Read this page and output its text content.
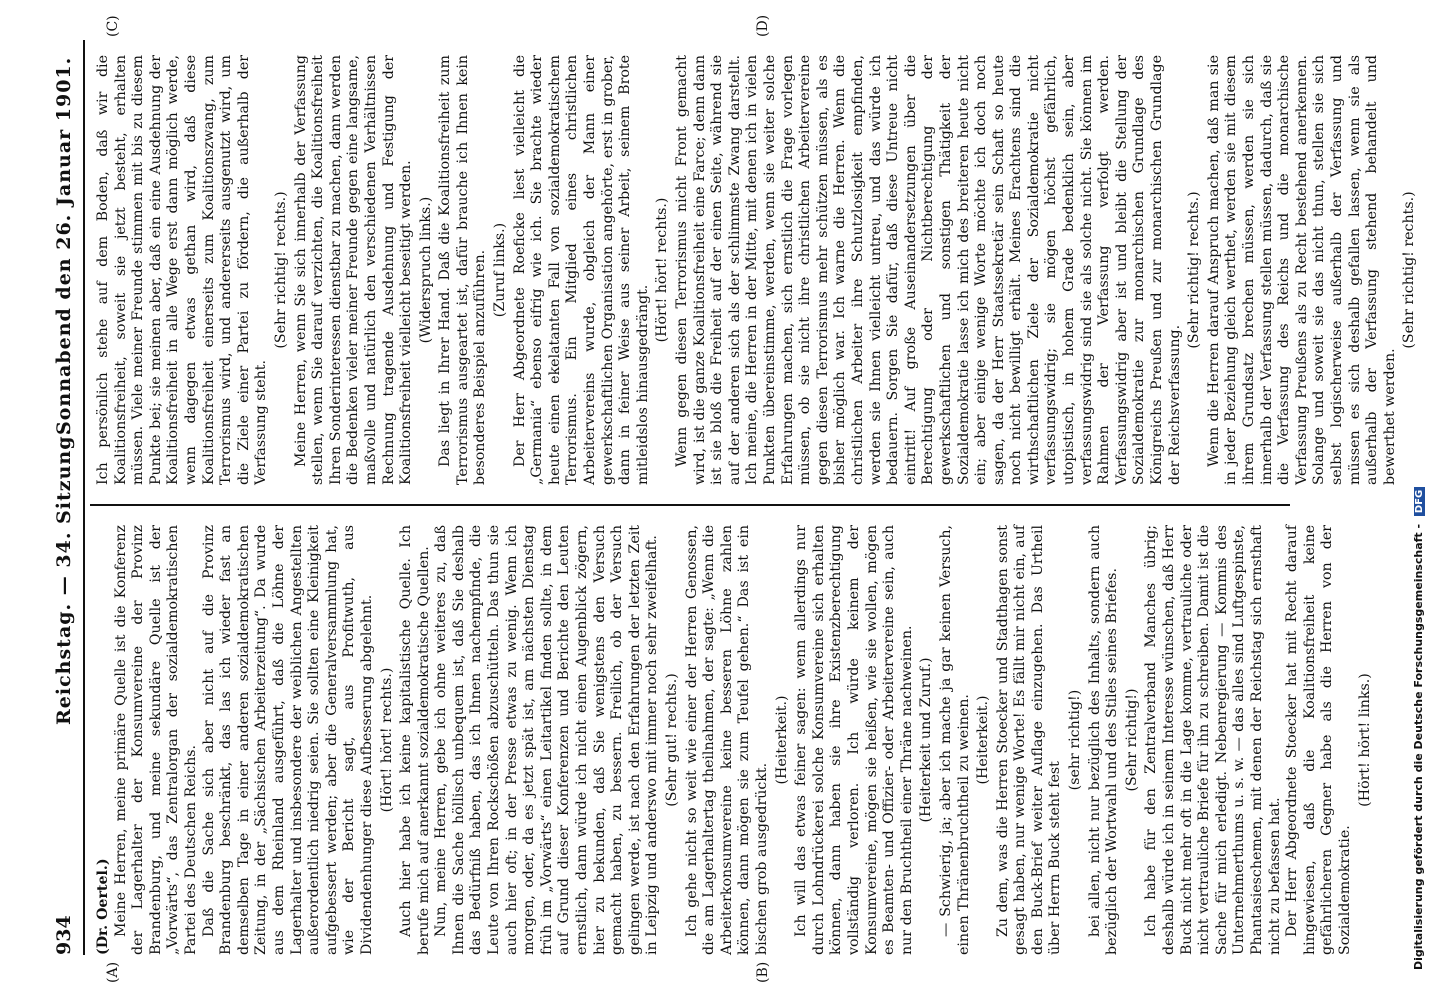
934
Reichstag. — 34. Sitzung.
Sonnabend den 26. Januar 1901.

(Dr. Oertel.) Meine Herren, meine primäre Quelle ist die Konferenz der Lagerhalter der Konsumvereine der Provinz Brandenburg, und meine sekundäre Quelle ist der „Vorwärts“, das Zentralorgan der sozialdemokratischen Partei des Deutschen Reichs. Daß die Sache sich aber nicht auf die Provinz Brandenburg beschränkt, das las ich wieder fast an demselben Tage in einer anderen sozialdemokratischen Zeitung, in der „Sächsischen Arbeiterzeitung“. Da wurde aus dem Rheinland ausgeführt, daß die Löhne der Lagerhalter und insbesondere der weiblichen Angestellten außerordentlich niedrig seien. Sie sollten eine Kleinigkeit aufgebessert werden; aber die Generalversammlung hat, wie der Bericht sagt, aus Profitwuth, aus Dividendenhunger diese Aufbesserung abgelehnt. (Hört! hört! rechts.) Auch hier habe ich keine kapitalistische Quelle. Ich berufe mich auf anerkannt sozialdemokratische Quellen. Nun, meine Herren, gebe ich ohne weiteres zu, daß Ihnen die Sache höllisch unbequem ist, daß Sie deshalb das Bedürfniß haben, das ich Ihnen nachempfinde, die Leute von Ihren Rockschößen abzuschütteln. Das thun sie auch hier oft; in der Presse etwas zu wenig. Wenn ich morgen, oder, da es jetzt spät ist, am nächsten Dienstag früh im „Vorwärts“ einen Leitartikel finden sollte, in dem auf Grund dieser Konferenzen und Berichte den Leuten ernstlich, dann würde ich nicht einen Augenblick zögern, hier zu bekunden, daß Sie wenigstens den Versuch gemacht haben, zu bessern. Freilich, ob der Versuch gelingen werde, ist nach den Erfahrungen der letzten Zeit in Leipzig und anderswo mit immer noch sehr zweifelhaft. (Sehr gut! rechts.) Ich gehe nicht so weit wie einer der Herren Genossen, die am Lagerhaltertag theilnahmen, der sagte: „Wenn die Arbeiterkonsumvereine keine besseren Löhne zahlen können, dann mögen sie zum Teufel gehen.“ Das ist ein bischen grob ausgedrückt.

(Heiterkeit.) Ich will das etwas feiner sagen: wenn allerdings nur durch Lohndrückerei solche Konsumvereine sich erhalten können, dann haben sie ihre Existenzberechtigung vollständig verloren. Ich würde keinem der Konsumvereine, mögen sie heißen, wie sie wollen, mögen es Beamten- und Offizier- oder Arbeitervereine sein, auch nur den Bruchtheil einer Thräne nachweinen. (Heiterkeit und Zuruf.) — Schwierig, ja; aber ich mache ja gar keinen Versuch, einen Thränenbruchtheil zu weinen. (Heiterkeit.) Zu dem, was die Herren Stoecker und Stadthagen sonst gesagt haben, nur wenige Worte! Es fällt mir nicht ein, auf den Buck-Brief weiter Auflage einzugehen. Das Urtheil über Herrn Buck steht fest

(sehr richtig!) bei allen, nicht nur bezüglich des Inhalts, sondern auch bezüglich der Wortwahl und des Stiles seines Briefes. (Sehr richtig!) Ich habe für den Zentralverband Manches übrig; deshalb würde ich in seinem Interesse wünschen, daß Herr Buck nicht mehr oft in die Lage komme, vertrauliche oder nicht vertrauliche Briefe für ihn zu schreiben. Damit ist die Sache für mich erledigt. Nebenregierung — Kommis des Unternehmerthums u. s. w. — das alles sind Luftgespinste, Phantasieschemen, mit denen der Reichstag sich ernsthaft nicht zu befassen hat. Der Herr Abgeordnete Stoecker hat mit Recht darauf hingewiesen, daß die Koalitionsfreiheit keine gefährlicheren Gegner habe als die Herren von der Sozialdemokratie.

(Hört! hört! links.)

Ich persönlich stehe auf dem Boden, daß wir die Koalitionsfreiheit, soweit sie jetzt besteht, erhalten müssen. Viele meiner Freunde stimmen mit bis zu diesem Punkte bei; sie meinen aber, daß ein eine Ausdehnung der Koalitionsfreiheit in alle Wege erst dann möglich werde, wenn dagegen etwas gethan wird, daß diese Koalitionsfreiheit einerseits zum Koalitionszwang, zum Terrorismus wird, und andererseits ausgenutzt wird, um die Ziele einer Partei zu fördern, die außerhalb der Verfassung steht.

(Sehr richtig! rechts.) Meine Herren, wenn Sie sich innerhalb der Verfassung stellen, wenn Sie darauf verzichten, die Koalitionsfreiheit Ihren Sonderinteressen dienstbar zu machen, dann werden die Bedenken vieler meiner Freunde gegen eine langsame, maßvolle und natürlich den verschiedenen Verhältnissen Rechnung tragende Ausdehnung und Festigung der Koalitionsfreiheit vielleicht beseitigt werden. (Widerspruch links.) Das liegt in Ihrer Hand. Daß die Koalitionsfreiheit zum Terrorismus ausgeartet ist, dafür brauche ich Ihnen kein besonderes Beispiel anzuführen. (Zuruf links.) Der Herr Abgeordnete Roeficke liest vielleicht die „Germania“ ebenso eifrig wie ich. Sie brachte wieder heute einen ekelatanten Fall von sozialdemokratischem Terrorismus. Ein Mitglied eines christlichen Arbeitervereins wurde, obgleich der Mann einer gewerkschaftlichen Organisation angehörte, erst in grober, dann in feiner Weise aus seiner Arbeit, seinem Brote mitleidslos hinausgedrängt.

(Hört! hört! rechts.) Wenn gegen diesen Terrorismus nicht Front gemacht wird, ist die ganze Koalitionsfreiheit eine Farce; denn dann ist sie bloß die Freiheit auf der einen Seite, während sie auf der anderen sich als der schlimmste Zwang darstellt. Ich meine, die Herren in der Mitte, mit denen ich in vielen Punkten übereinstimme, werden, wenn sie weiter solche Erfahrungen machen, sich ernstlich die Frage vorlegen müssen, ob sie nicht ihre christlichen Arbeitervereine gegen diesen Terrorismus mehr schützen müssen, als es bisher möglich war. Ich warne die Herren. Wenn die christlichen Arbeiter ihre Schutzlosigkeit empfinden, werden sie Ihnen vielleicht untreu, und das würde ich bedauern. Sorgen Sie dafür, daß diese Untreue nicht eintritt! Auf große Auseinandersetzungen über die Berechtigung oder Nichtberechtigung der gewerkschaftlichen und sonstigen Thätigkeit der Sozialdemokratie lasse ich mich des breiteren heute nicht ein; aber einige wenige Worte möchte ich doch noch sagen, da der Herr Staatssekretär sein Schaft so heute noch nicht bewilligt erhält. Meines Erachtens sind die wirthschaftlichen Ziele der Sozialdemokratie nicht verfassungswidrig; sie mögen höchst gefährlich, utopistisch, in hohem Grade bedenklich sein, aber verfassungswidrig sind sie als solche nicht. Sie können im Rahmen der Verfassung verfolgt werden. Verfassungswidrig aber ist und bleibt die Stellung der Sozialdemokratie zur monarchischen Grundlage des Königreichs Preußen und zur monarchischen Grundlage der Reichsverfassung.

(Sehr richtig! rechts.) Wenn die Herren darauf Anspruch machen, daß man sie in jeder Beziehung gleich werthet, werden sie mit diesem ihrem Grundsatz brechen müssen, werden sie sich innerhalb der Verfassung stellen müssen, dadurch, daß sie die Verfassung des Reichs und die monarchische Verfassung Preußens als zu Recht bestehend anerkennen. Solange und soweit sie das nicht thun, stellen sie sich selbst logischerweise außerhalb der Verfassung und müssen es sich deshalb gefallen lassen, wenn sie als außerhalb der Verfassung stehend behandelt und bewerthet werden.

(Sehr richtig! rechts.)

(A)	(B)
(C)	(D)
Digitalisierung gefördert durch die Deutsche Forschungsgemeinschaft - DFG
